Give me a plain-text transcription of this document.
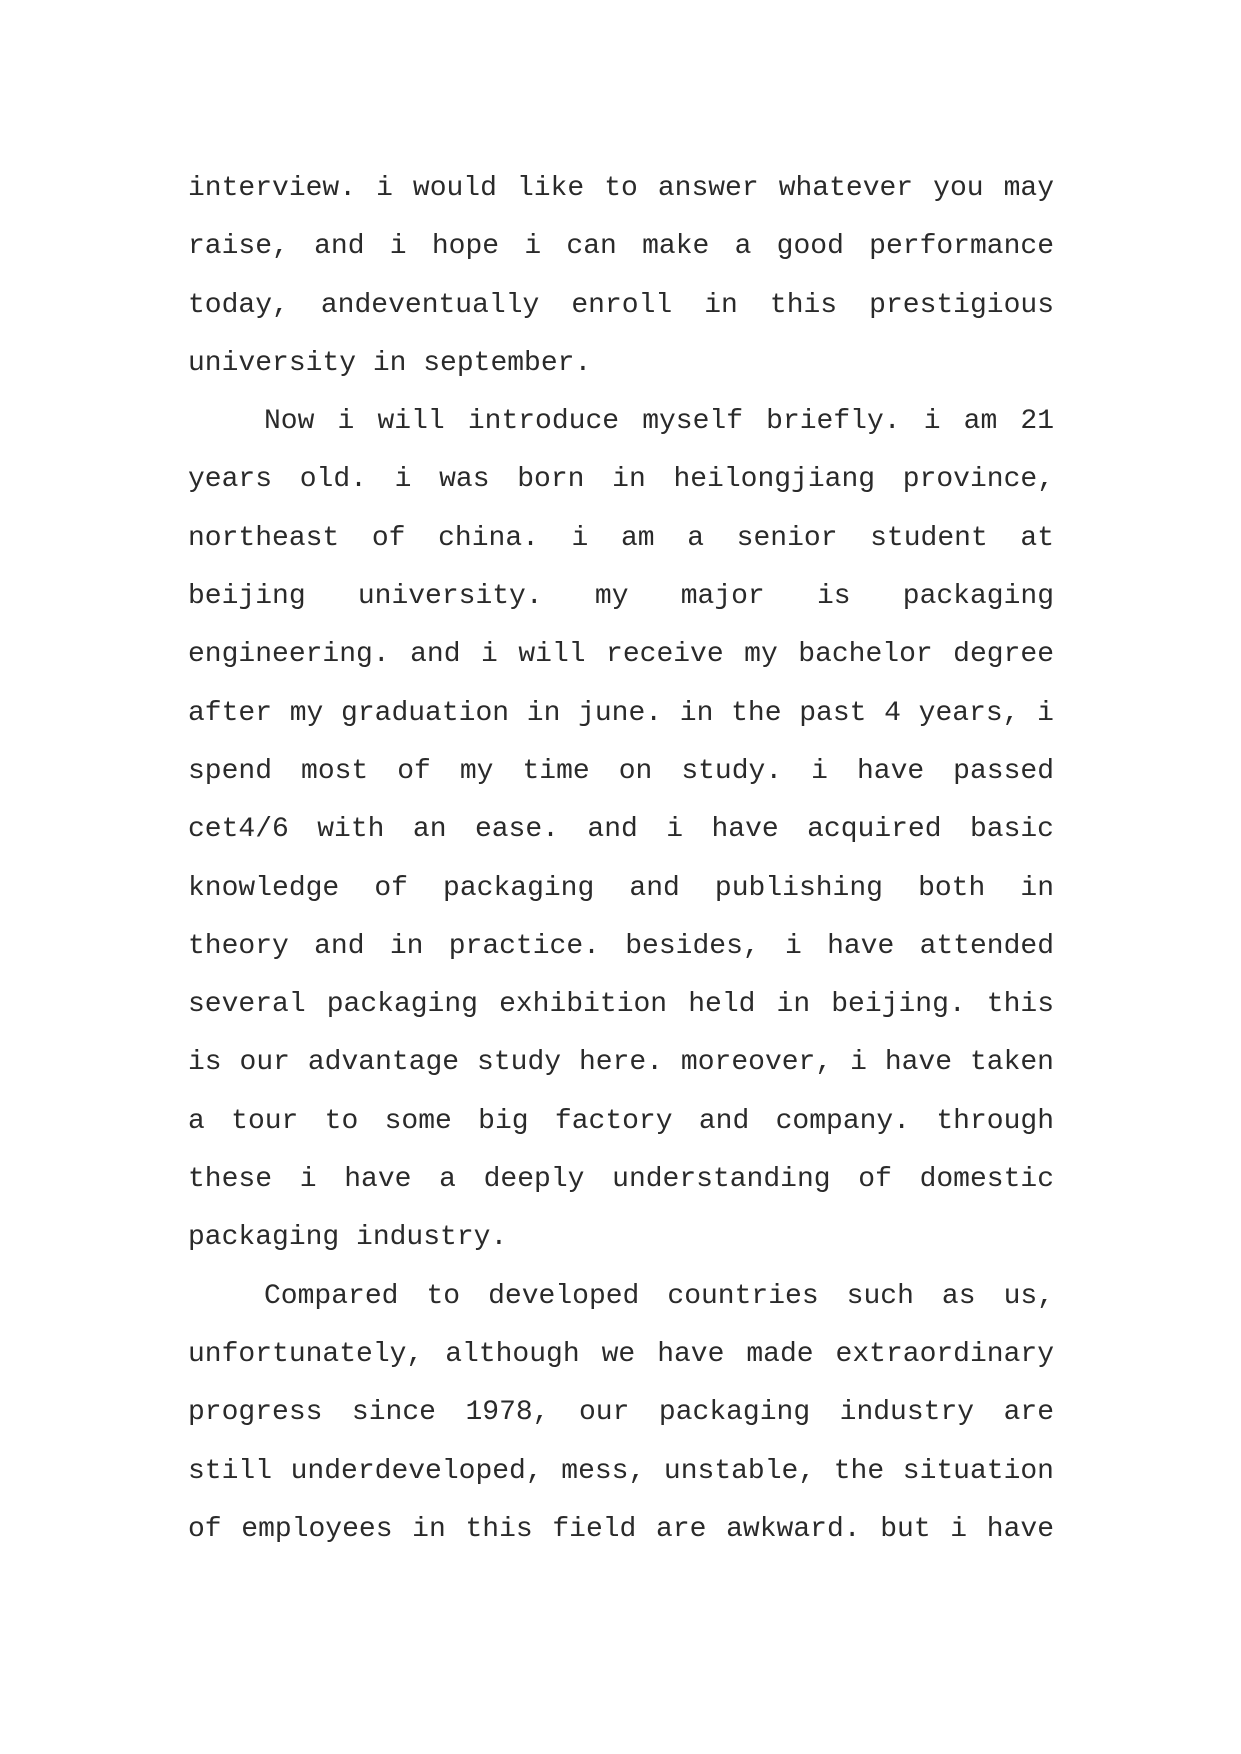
interview. i would like to answer whatever you may
raise, and i hope i can make a good performance
today, andeventually enroll in this prestigious
university in september.
Now i will introduce myself briefly. i am 21
years old. i was born in heilongjiang province,
northeast of china. i am a senior student at
beijing university. my major is packaging
engineering. and i will receive my bachelor degree
after my graduation in june. in the past 4 years, i
spend most of my time on study. i have passed
cet4/6 with an ease. and i have acquired basic
knowledge of packaging and publishing both in
theory and in practice. besides, i have attended
several packaging exhibition held in beijing. this
is our advantage study here. moreover, i have taken
a tour to some big factory and company. through
these i have a deeply understanding of domestic
packaging industry.
Compared to developed countries such as us,
unfortunately, although we have made extraordinary
progress since 1978, our packaging industry are
still underdeveloped, mess, unstable, the situation
of employees in this field are awkward. but i have
